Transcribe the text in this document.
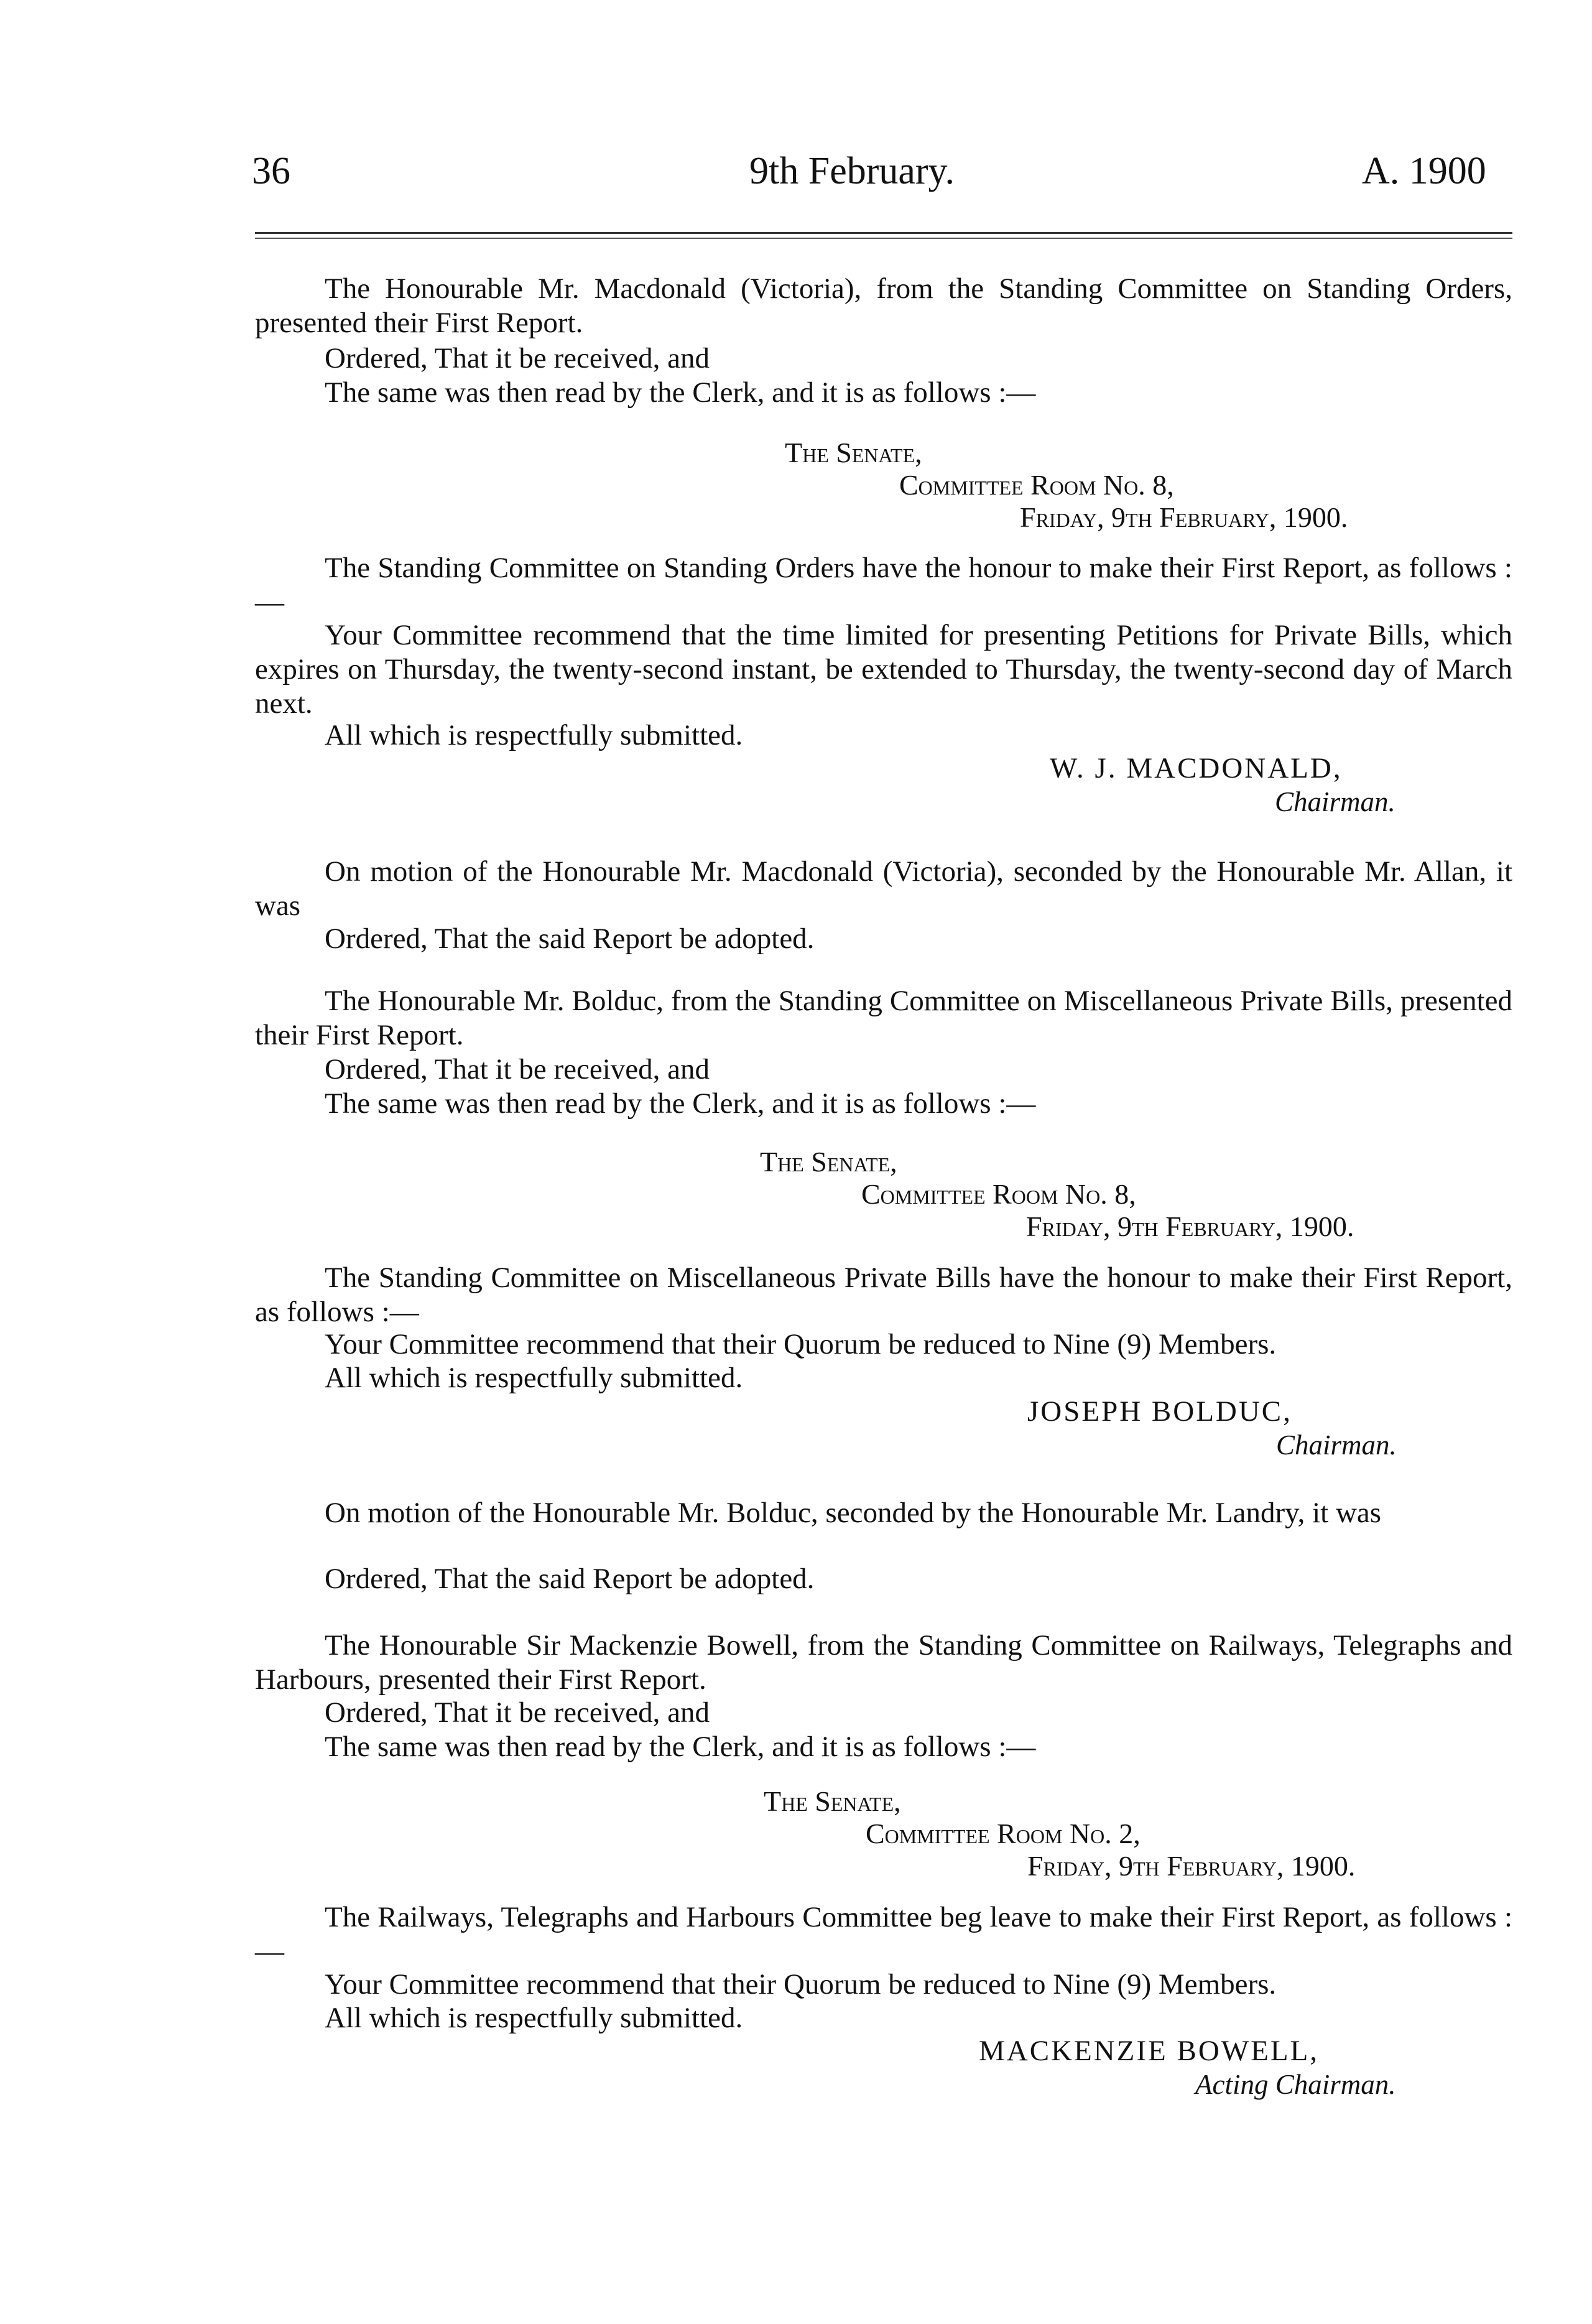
36	9th February.	A. 1900
The Honourable Mr. Macdonald (Victoria), from the Standing Committee on Standing Orders, presented their First Report.
Ordered, That it be received, and
The same was then read by the Clerk, and it is as follows :—
The Senate,
Committee Room No. 8,
Friday, 9th February, 1900.
The Standing Committee on Standing Orders have the honour to make their First Report, as follows :—
Your Committee recommend that the time limited for presenting Petitions for Private Bills, which expires on Thursday, the twenty-second instant, be extended to Thursday, the twenty-second day of March next.
All which is respectfully submitted.
W. J. MACDONALD,
Chairman.
On motion of the Honourable Mr. Macdonald (Victoria), seconded by the Honourable Mr. Allan, it was
Ordered, That the said Report be adopted.
The Honourable Mr. Bolduc, from the Standing Committee on Miscellaneous Private Bills, presented their First Report.
Ordered, That it be received, and
The same was then read by the Clerk, and it is as follows :—
The Senate,
Committee Room No. 8,
Friday, 9th February, 1900.
The Standing Committee on Miscellaneous Private Bills have the honour to make their First Report, as follows :—
Your Committee recommend that their Quorum be reduced to Nine (9) Members.
All which is respectfully submitted.
JOSEPH BOLDUC,
Chairman.
On motion of the Honourable Mr. Bolduc, seconded by the Honourable Mr. Landry, it was
Ordered, That the said Report be adopted.
The Honourable Sir Mackenzie Bowell, from the Standing Committee on Railways, Telegraphs and Harbours, presented their First Report.
Ordered, That it be received, and
The same was then read by the Clerk, and it is as follows :—
The Senate,
Committee Room No. 2,
Friday, 9th February, 1900.
The Railways, Telegraphs and Harbours Committee beg leave to make their First Report, as follows :—
Your Committee recommend that their Quorum be reduced to Nine (9) Members.
All which is respectfully submitted.
MACKENZIE BOWELL,
Acting Chairman.
